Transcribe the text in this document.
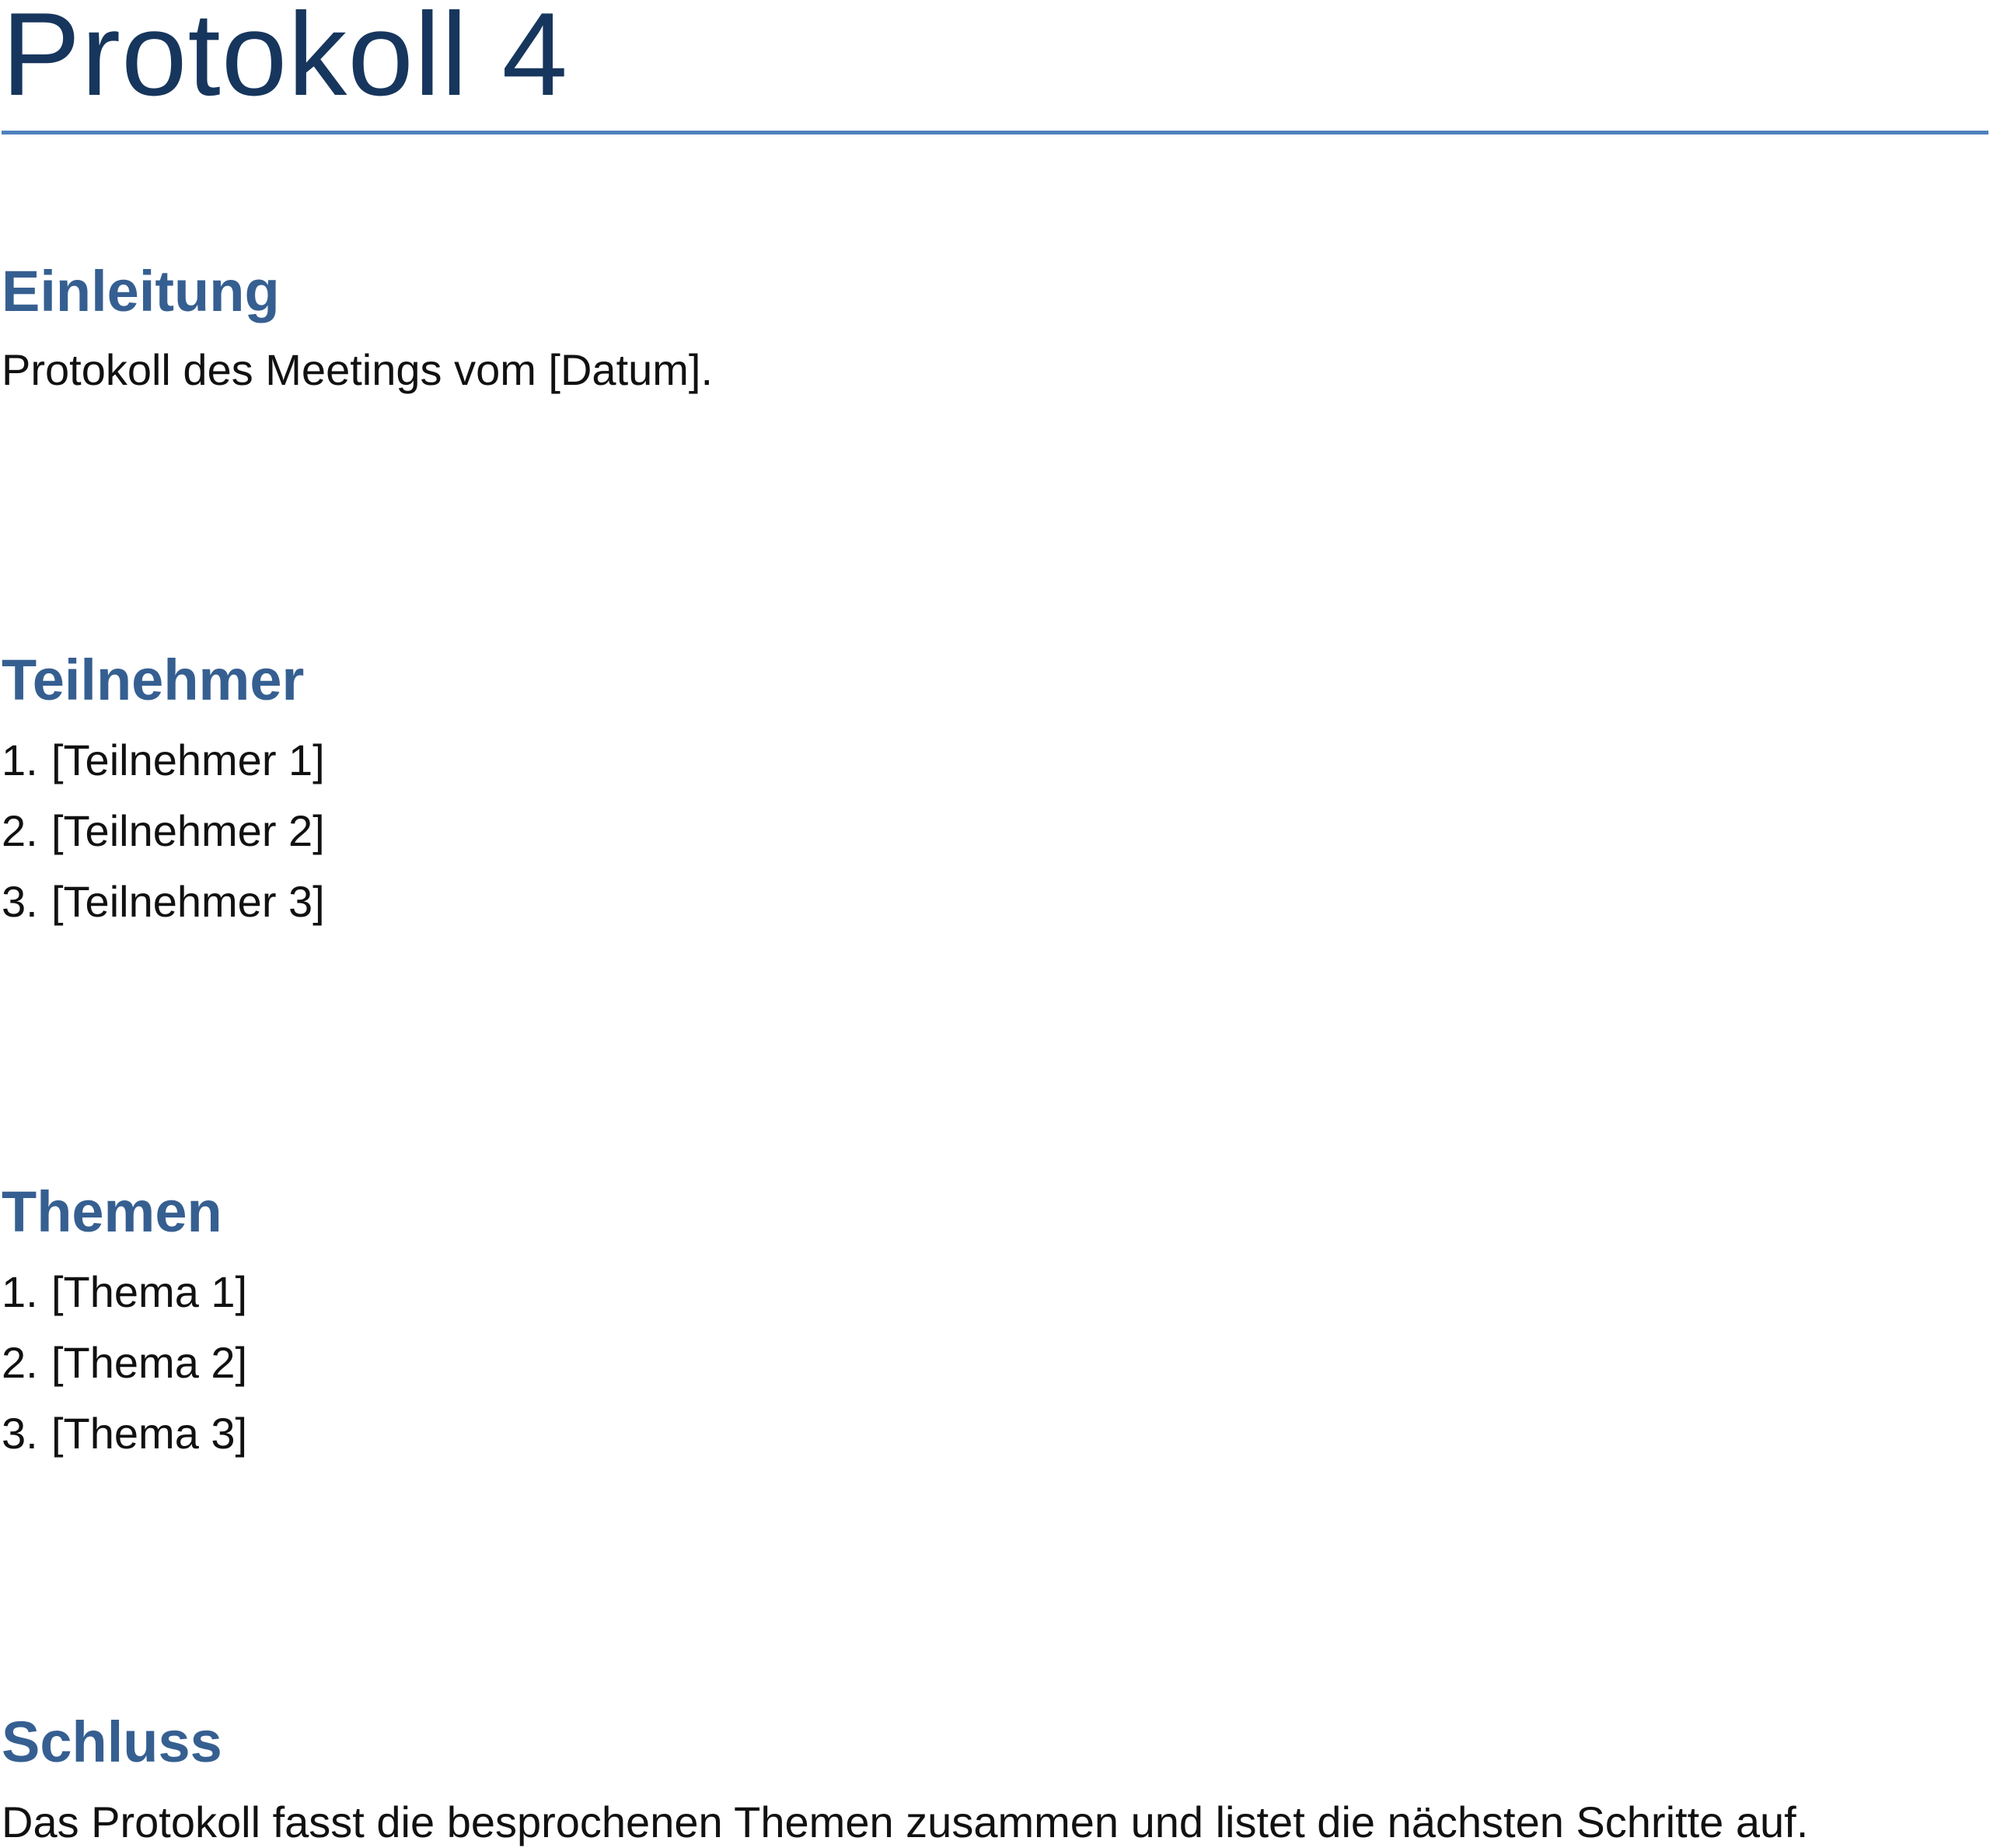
Protokoll 4
Einleitung

Protokoll des Meetings vom [Datum].

Teilnehmer
1. [Teilnehmer 1]
2. [Teilnehmer 2]
3. [Teilnehmer 3]
Themen
1. [Thema 1]
2. [Thema 2]
3. [Thema 3]
Schluss

Das Protokoll fasst die besprochenen Themen zusammen und listet die nächsten Schritte auf.
